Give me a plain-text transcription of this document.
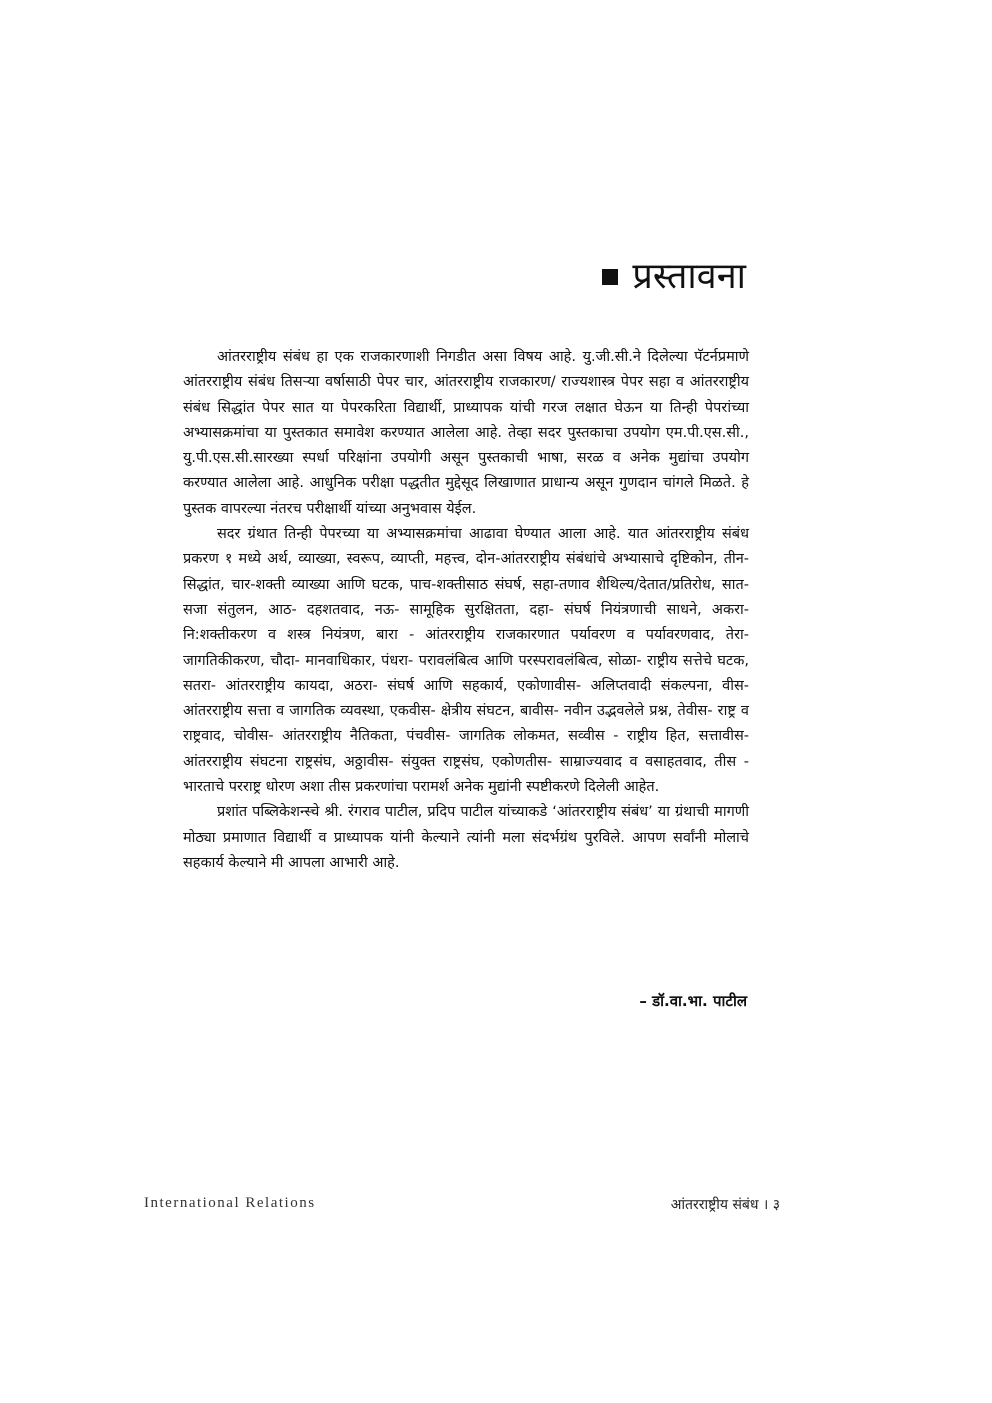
प्रस्तावना

आंतरराष्ट्रीय संबंध हा एक राजकारणाशी निगडीत असा विषय आहे. यु.जी.सी.ने दिलेल्या पॅटर्नप्रमाणे आंतरराष्ट्रीय संबंध तिसऱ्या वर्षासाठी पेपर चार, आंतरराष्ट्रीय राजकारण/ राज्यशास्त्र पेपर सहा व आंतरराष्ट्रीय संबंध सिद्धांत पेपर सात या पेपरकरिता विद्यार्थी, प्राध्यापक यांची गरज लक्षात घेऊन या तिन्ही पेपरांच्या अभ्यासक्रमांचा या पुस्तकात समावेश करण्यात आलेला आहे. तेव्हा सदर पुस्तकाचा उपयोग एम.पी.एस.सी., यु.पी.एस.सी.सारख्या स्पर्धा परिक्षांना उपयोगी असून पुस्तकाची भाषा, सरळ व अनेक मुद्यांचा उपयोग करण्यात आलेला आहे. आधुनिक परीक्षा पद्धतीत मुद्देसूद लिखाणात प्राधान्य असून गुणदान चांगले मिळते. हे पुस्तक वापरल्या नंतरच परीक्षार्थी यांच्या अनुभवास येईल.

सदर ग्रंथात तिन्ही पेपरच्या या अभ्यासक्रमांचा आढावा घेण्यात आला आहे. यात आंतरराष्ट्रीय संबंध प्रकरण १ मध्ये अर्थ, व्याख्या, स्वरूप, व्याप्ती, महत्त्व, दोन-आंतरराष्ट्रीय संबंधांचे अभ्यासाचे दृष्टिकोन, तीन-सिद्धांत, चार-शक्ती व्याख्या आणि घटक, पाच-शक्तीसाठ संघर्ष, सहा-तणाव शैथिल्य/देतात/प्रतिरोध, सात- सजा संतुलन, आठ- दहशतवाद, नऊ- सामूहिक सुरक्षितता, दहा- संघर्ष नियंत्रणाची साधने, अकरा- नि:शक्तीकरण व शस्त्र नियंत्रण, बारा - आंतरराष्ट्रीय राजकारणात पर्यावरण व पर्यावरणवाद, तेरा- जागतिकीकरण, चौदा- मानवाधिकार, पंधरा- परावलंबित्व आणि परस्परावलंबित्व, सोळा- राष्ट्रीय सत्तेचे घटक, सतरा- आंतरराष्ट्रीय कायदा, अठरा- संघर्ष आणि सहकार्य, एकोणावीस- अलिप्तवादी संकल्पना, वीस- आंतरराष्ट्रीय सत्ता व जागतिक व्यवस्था, एकवीस- क्षेत्रीय संघटन, बावीस- नवीन उद्भवलेले प्रश्न, तेवीस- राष्ट्र व राष्ट्रवाद, चोवीस- आंतरराष्ट्रीय नैतिकता, पंचवीस- जागतिक लोकमत, सव्वीस - राष्ट्रीय हित, सत्तावीस- आंतरराष्ट्रीय संघटना राष्ट्रसंघ, अठ्ठावीस- संयुक्त राष्ट्रसंघ, एकोणतीस- साम्राज्यवाद व वसाहतवाद, तीस - भारताचे परराष्ट्र धोरण अशा तीस प्रकरणांचा परामर्श अनेक मुद्यांनी स्पष्टीकरणे दिलेली आहेत.

प्रशांत पब्लिकेशन्स्चे श्री. रंगराव पाटील, प्रदिप पाटील यांच्याकडे ‘आंतरराष्ट्रीय संबंध’ या ग्रंथाची मागणी मोठ्या प्रमाणात विद्यार्थी व प्राध्यापक यांनी केल्याने त्यांनी मला संदर्भग्रंथ पुरविले. आपण सर्वांनी मोलाचे सहकार्य केल्याने मी आपला आभारी आहे.

– डॉ.वा.भा. पाटील
International Relations	आंतरराष्ट्रीय संबंध । ३
